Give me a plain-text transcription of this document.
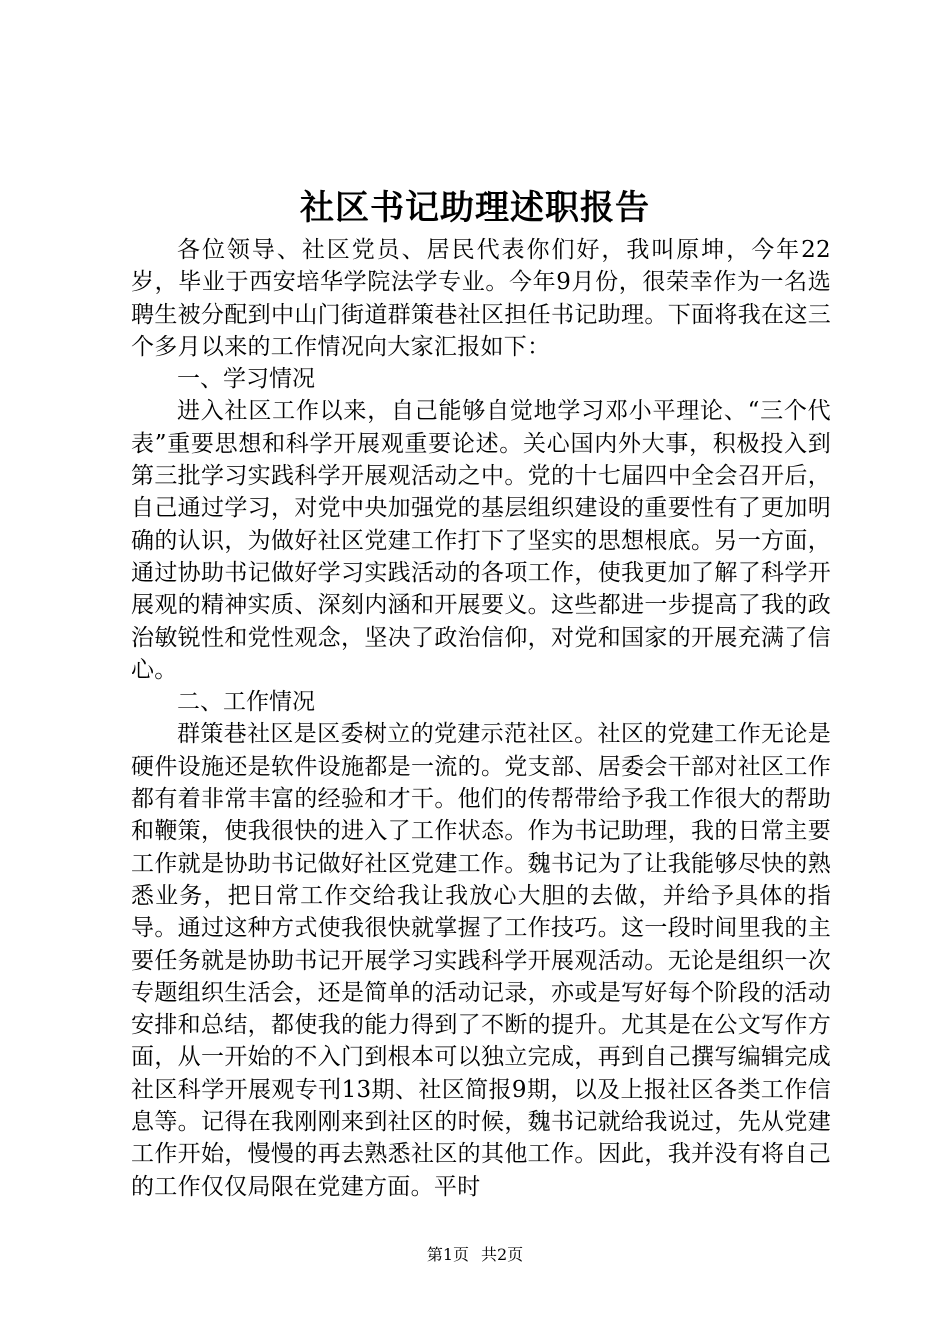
社区书记助理述职报告

各位领导、社区党员、居民代表你们好，我叫原坤，今年22岁，毕业于西安培华学院法学专业。今年9月份，很荣幸作为一名选聘生被分配到中山门街道群策巷社区担任书记助理。下面将我在这三个多月以来的工作情况向大家汇报如下：

一、学习情况

进入社区工作以来，自己能够自觉地学习邓小平理论、“三个代表”重要思想和科学开展观重要论述。关心国内外大事，积极投入到第三批学习实践科学开展观活动之中。党的十七届四中全会召开后，自己通过学习，对党中央加强党的基层组织建设的重要性有了更加明确的认识，为做好社区党建工作打下了坚实的思想根底。另一方面，通过协助书记做好学习实践活动的各项工作，使我更加了解了科学开展观的精神实质、深刻内涵和开展要义。这些都进一步提高了我的政治敏锐性和党性观念，坚决了政治信仰，对党和国家的开展充满了信心。

二、工作情况

群策巷社区是区委树立的党建示范社区。社区的党建工作无论是硬件设施还是软件设施都是一流的。党支部、居委会干部对社区工作都有着非常丰富的经验和才干。他们的传帮带给予我工作很大的帮助和鞭策，使我很快的进入了工作状态。作为书记助理，我的日常主要工作就是协助书记做好社区党建工作。魏书记为了让我能够尽快的熟悉业务，把日常工作交给我让我放心大胆的去做，并给予具体的指导。通过这种方式使我很快就掌握了工作技巧。这一段时间里我的主要任务就是协助书记开展学习实践科学开展观活动。无论是组织一次专题组织生活会，还是简单的活动记录，亦或是写好每个阶段的活动安排和总结，都使我的能力得到了不断的提升。尤其是在公文写作方面，从一开始的不入门到根本可以独立完成，再到自己撰写编辑完成社区科学开展观专刊13期、社区简报9期，以及上报社区各类工作信息等。记得在我刚刚来到社区的时候，魏书记就给我说过，先从党建工作开始，慢慢的再去熟悉社区的其他工作。因此，我并没有将自己的工作仅仅局限在党建方面。平时

第1页 共2页
